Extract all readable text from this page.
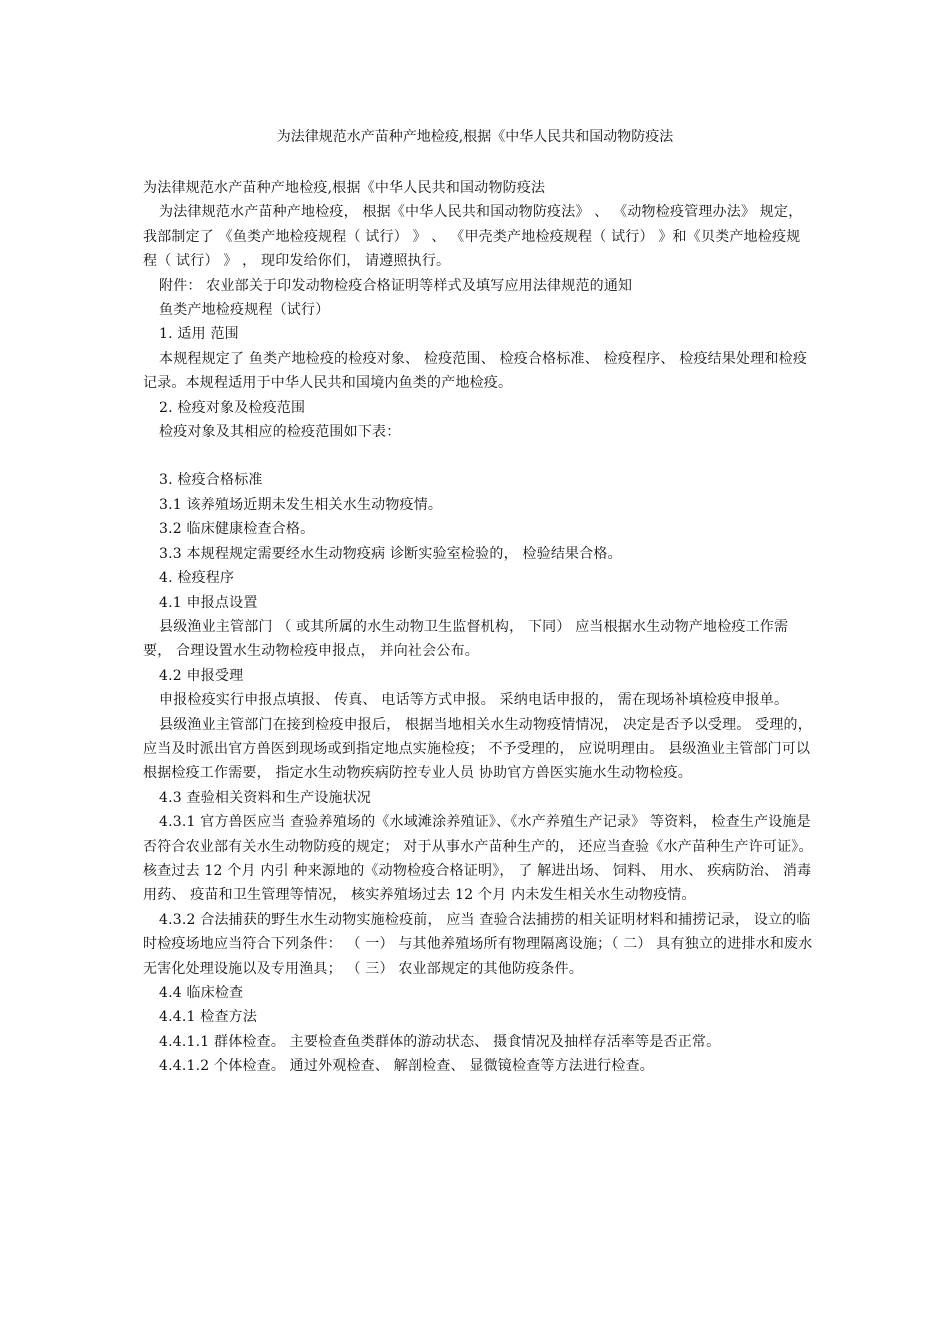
为法律规范水产苗种产地检疫,根据《中华人民共和国动物防疫法

为法律规范水产苗种产地检疫,根据《中华人民共和国动物防疫法

为法律规范水产苗种产地检疫， 根据《中华人民共和国动物防疫法》 、 《动物检疫管理办法》 规定， 我部制定了 《鱼类产地检疫规程（ 试行） 》 、 《甲壳类产地检疫规程（ 试行） 》和《贝类产地检疫规程（ 试行） 》 ， 现印发给你们， 请遵照执行。

附件： 农业部关于印发动物检疫合格证明等样式及填写应用法律规范的通知

鱼类产地检疫规程（试行）

1. 适用 范围

本规程规定了 鱼类产地检疫的检疫对象、 检疫范围、 检疫合格标准、 检疫程序、 检疫结果处理和检疫记录。本规程适用于中华人民共和国境内鱼类的产地检疫。

2. 检疫对象及检疫范围

检疫对象及其相应的检疫范围如下表：

3. 检疫合格标准

3.1 该养殖场近期未发生相关水生动物疫情。

3.2 临床健康检查合格。

3.3 本规程规定需要经水生动物疫病 诊断实验室检验的， 检验结果合格。

4. 检疫程序

4.1 申报点设置

县级渔业主管部门 （ 或其所属的水生动物卫生监督机构， 下同） 应当根据水生动物产地检疫工作需要， 合理设置水生动物检疫申报点， 并向社会公布。

4.2 申报受理

申报检疫实行申报点填报、 传真、 电话等方式申报。 采纳电话申报的， 需在现场补填检疫申报单。

县级渔业主管部门在接到检疫申报后， 根据当地相关水生动物疫情情况， 决定是否予以受理。 受理的， 应当及时派出官方兽医到现场或到指定地点实施检疫； 不予受理的， 应说明理由。 县级渔业主管部门可以根据检疫工作需要， 指定水生动物疾病防控专业人员 协助官方兽医实施水生动物检疫。

4.3 查验相关资料和生产设施状况

4.3.1 官方兽医应当 查验养殖场的《水域滩涂养殖证》、《水产养殖生产记录》 等资料， 检查生产设施是否符合农业部有关水生动物防疫的规定； 对于从事水产苗种生产的， 还应当查验《水产苗种生产许可证》。 核查过去 12 个月 内引 种来源地的《动物检疫合格证明》， 了 解进出场、 饲料、 用水、 疾病防治、 消毒用药、 疫苗和卫生管理等情况， 核实养殖场过去 12 个月 内未发生相关水生动物疫情。

4.3.2 合法捕获的野生水生动物实施检疫前， 应当 查验合法捕捞的相关证明材料和捕捞记录， 设立的临时检疫场地应当符合下列条件： （ 一） 与其他养殖场所有物理隔离设施；（ 二） 具有独立的进排水和废水无害化处理设施以及专用渔具； （ 三） 农业部规定的其他防疫条件。

4.4 临床检查

4.4.1 检查方法

4.4.1.1 群体检查。 主要检查鱼类群体的游动状态、 摄食情况及抽样存活率等是否正常。

4.4.1.2 个体检查。 通过外观检查、 解剖检查、 显微镜检查等方法进行检查。
